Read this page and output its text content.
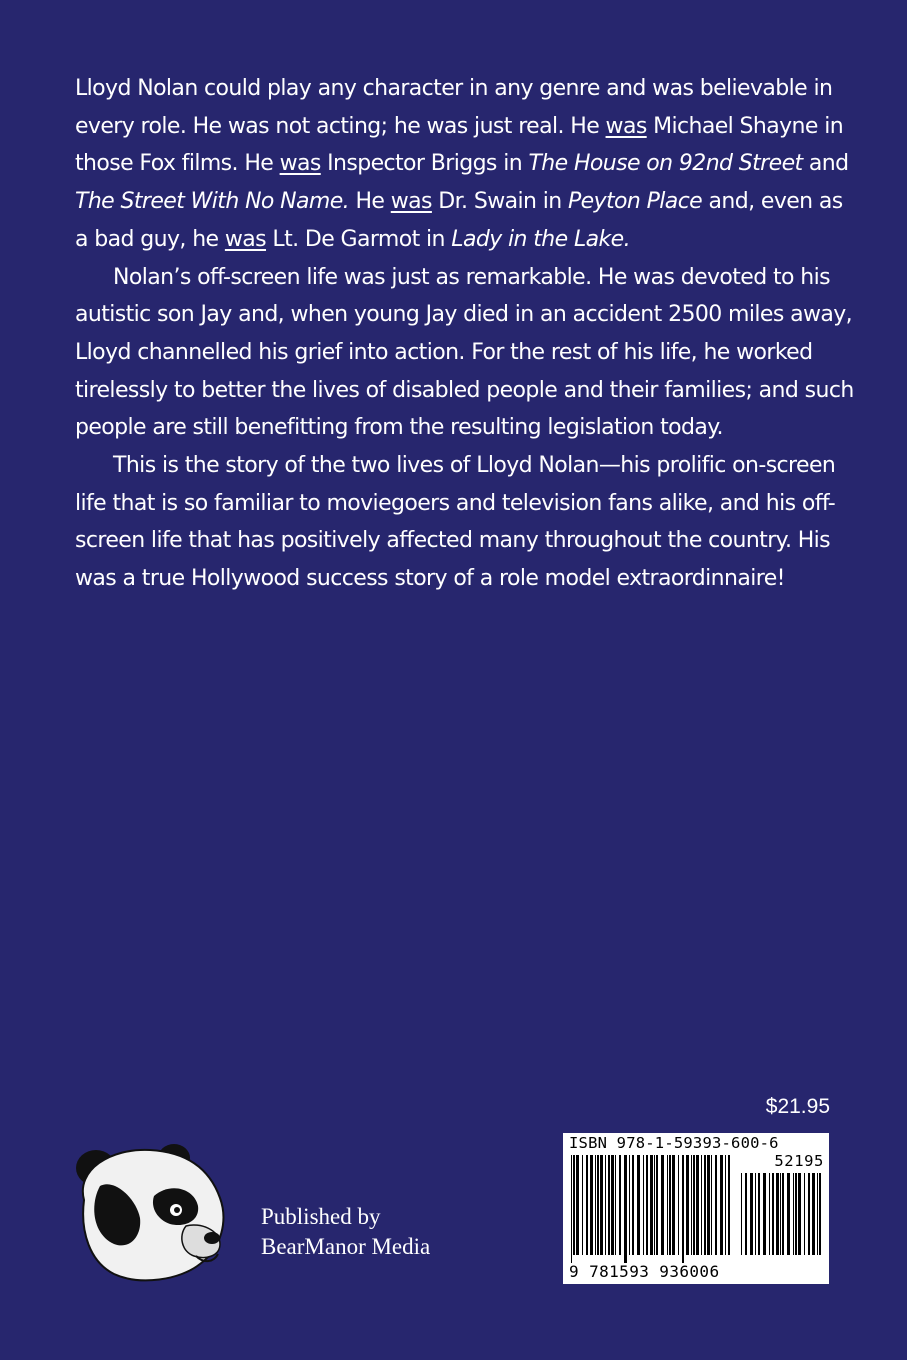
Lloyd Nolan could play any character in any genre and was believable in every role. He was not acting; he was just real. He was Michael Shayne in those Fox films. He was Inspector Briggs in The House on 92nd Street and The Street With No Name. He was Dr. Swain in Peyton Place and, even as a bad guy, he was Lt. De Garmot in Lady in the Lake.

Nolan’s off-screen life was just as remarkable. He was devoted to his autistic son Jay and, when young Jay died in an accident 2500 miles away, Lloyd channelled his grief into action. For the rest of his life, he worked tirelessly to better the lives of disabled people and their families; and such people are still benefitting from the resulting legislation today.

This is the story of the two lives of Lloyd Nolan—his prolific on-screen life that is so familiar to moviegoers and television fans alike, and his off-screen life that has positively affected many throughout the country. His was a true Hollywood success story of a role model extraordinnaire!

$21.95
ISBN 978-1-59393-600-6
52195
9 781593 936006
Published by
BearManor Media
